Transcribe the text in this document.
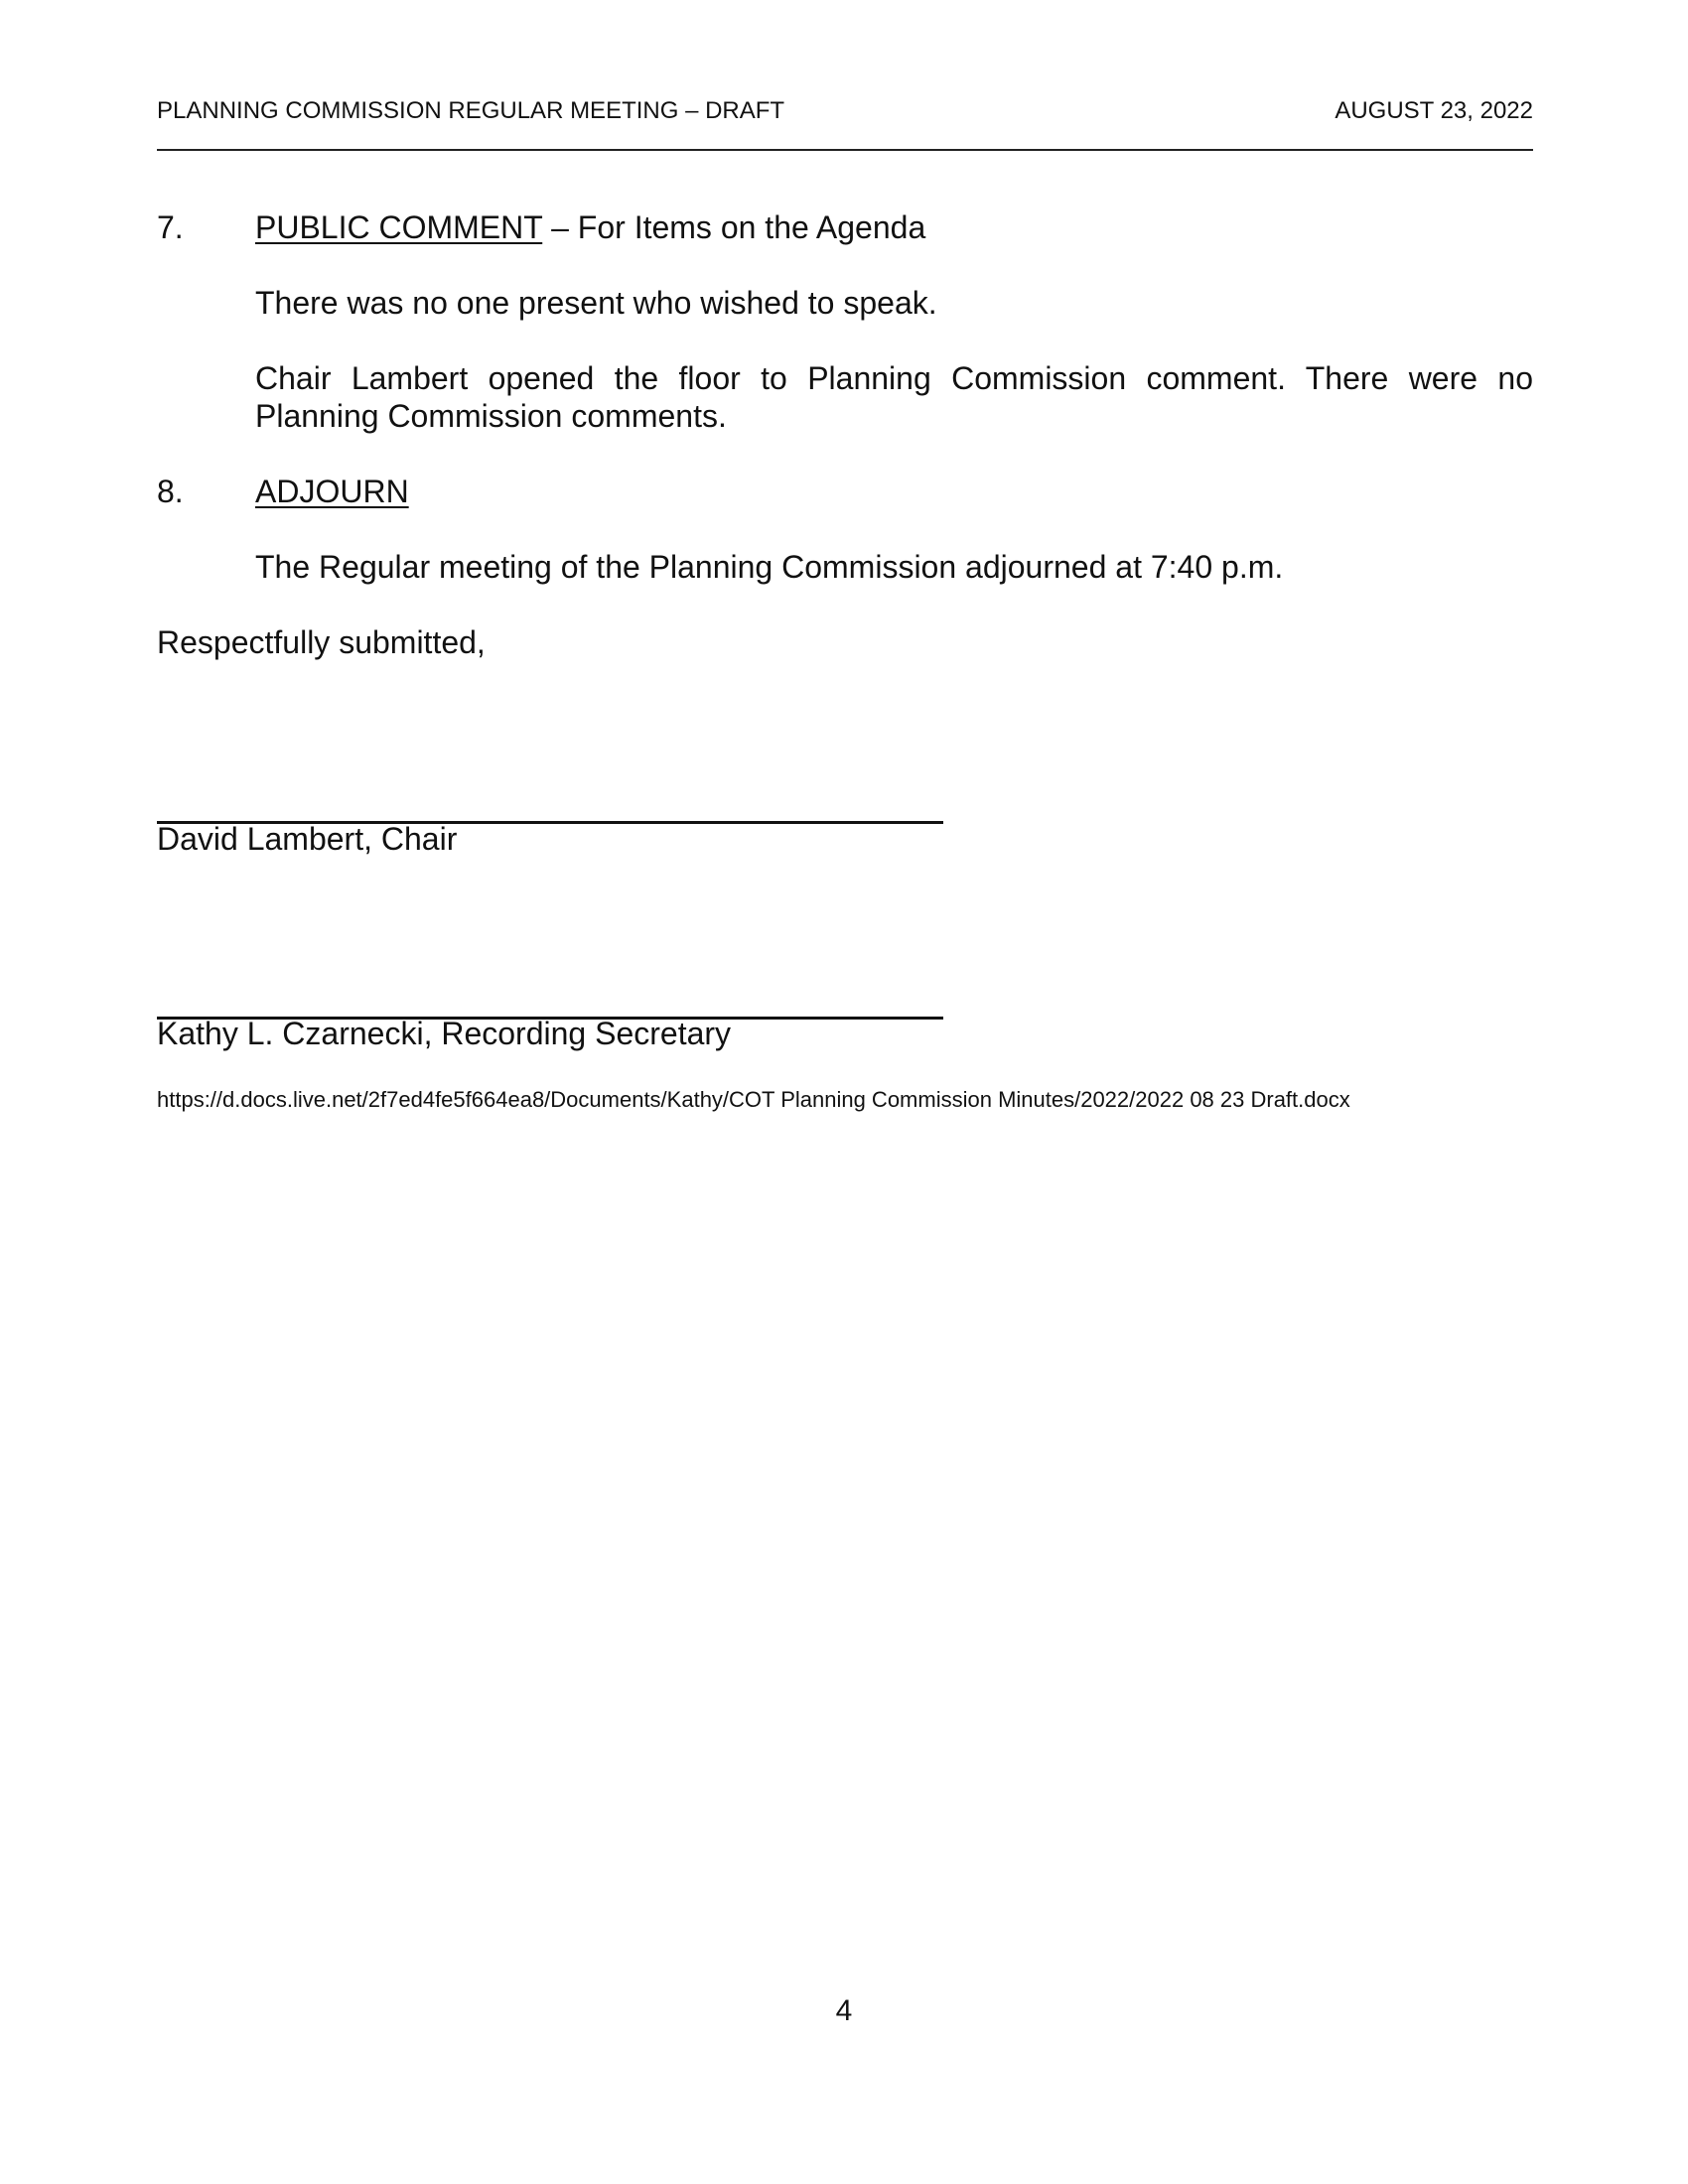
PLANNING COMMISSION REGULAR MEETING – DRAFT	AUGUST 23, 2022
7. PUBLIC COMMENT – For Items on the Agenda
There was no one present who wished to speak.
Chair Lambert opened the floor to Planning Commission comment. There were no Planning Commission comments.
8. ADJOURN
The Regular meeting of the Planning Commission adjourned at 7:40 p.m.
Respectfully submitted,
David Lambert, Chair
Kathy L. Czarnecki, Recording Secretary
https://d.docs.live.net/2f7ed4fe5f664ea8/Documents/Kathy/COT Planning Commission Minutes/2022/2022 08 23 Draft.docx
4
